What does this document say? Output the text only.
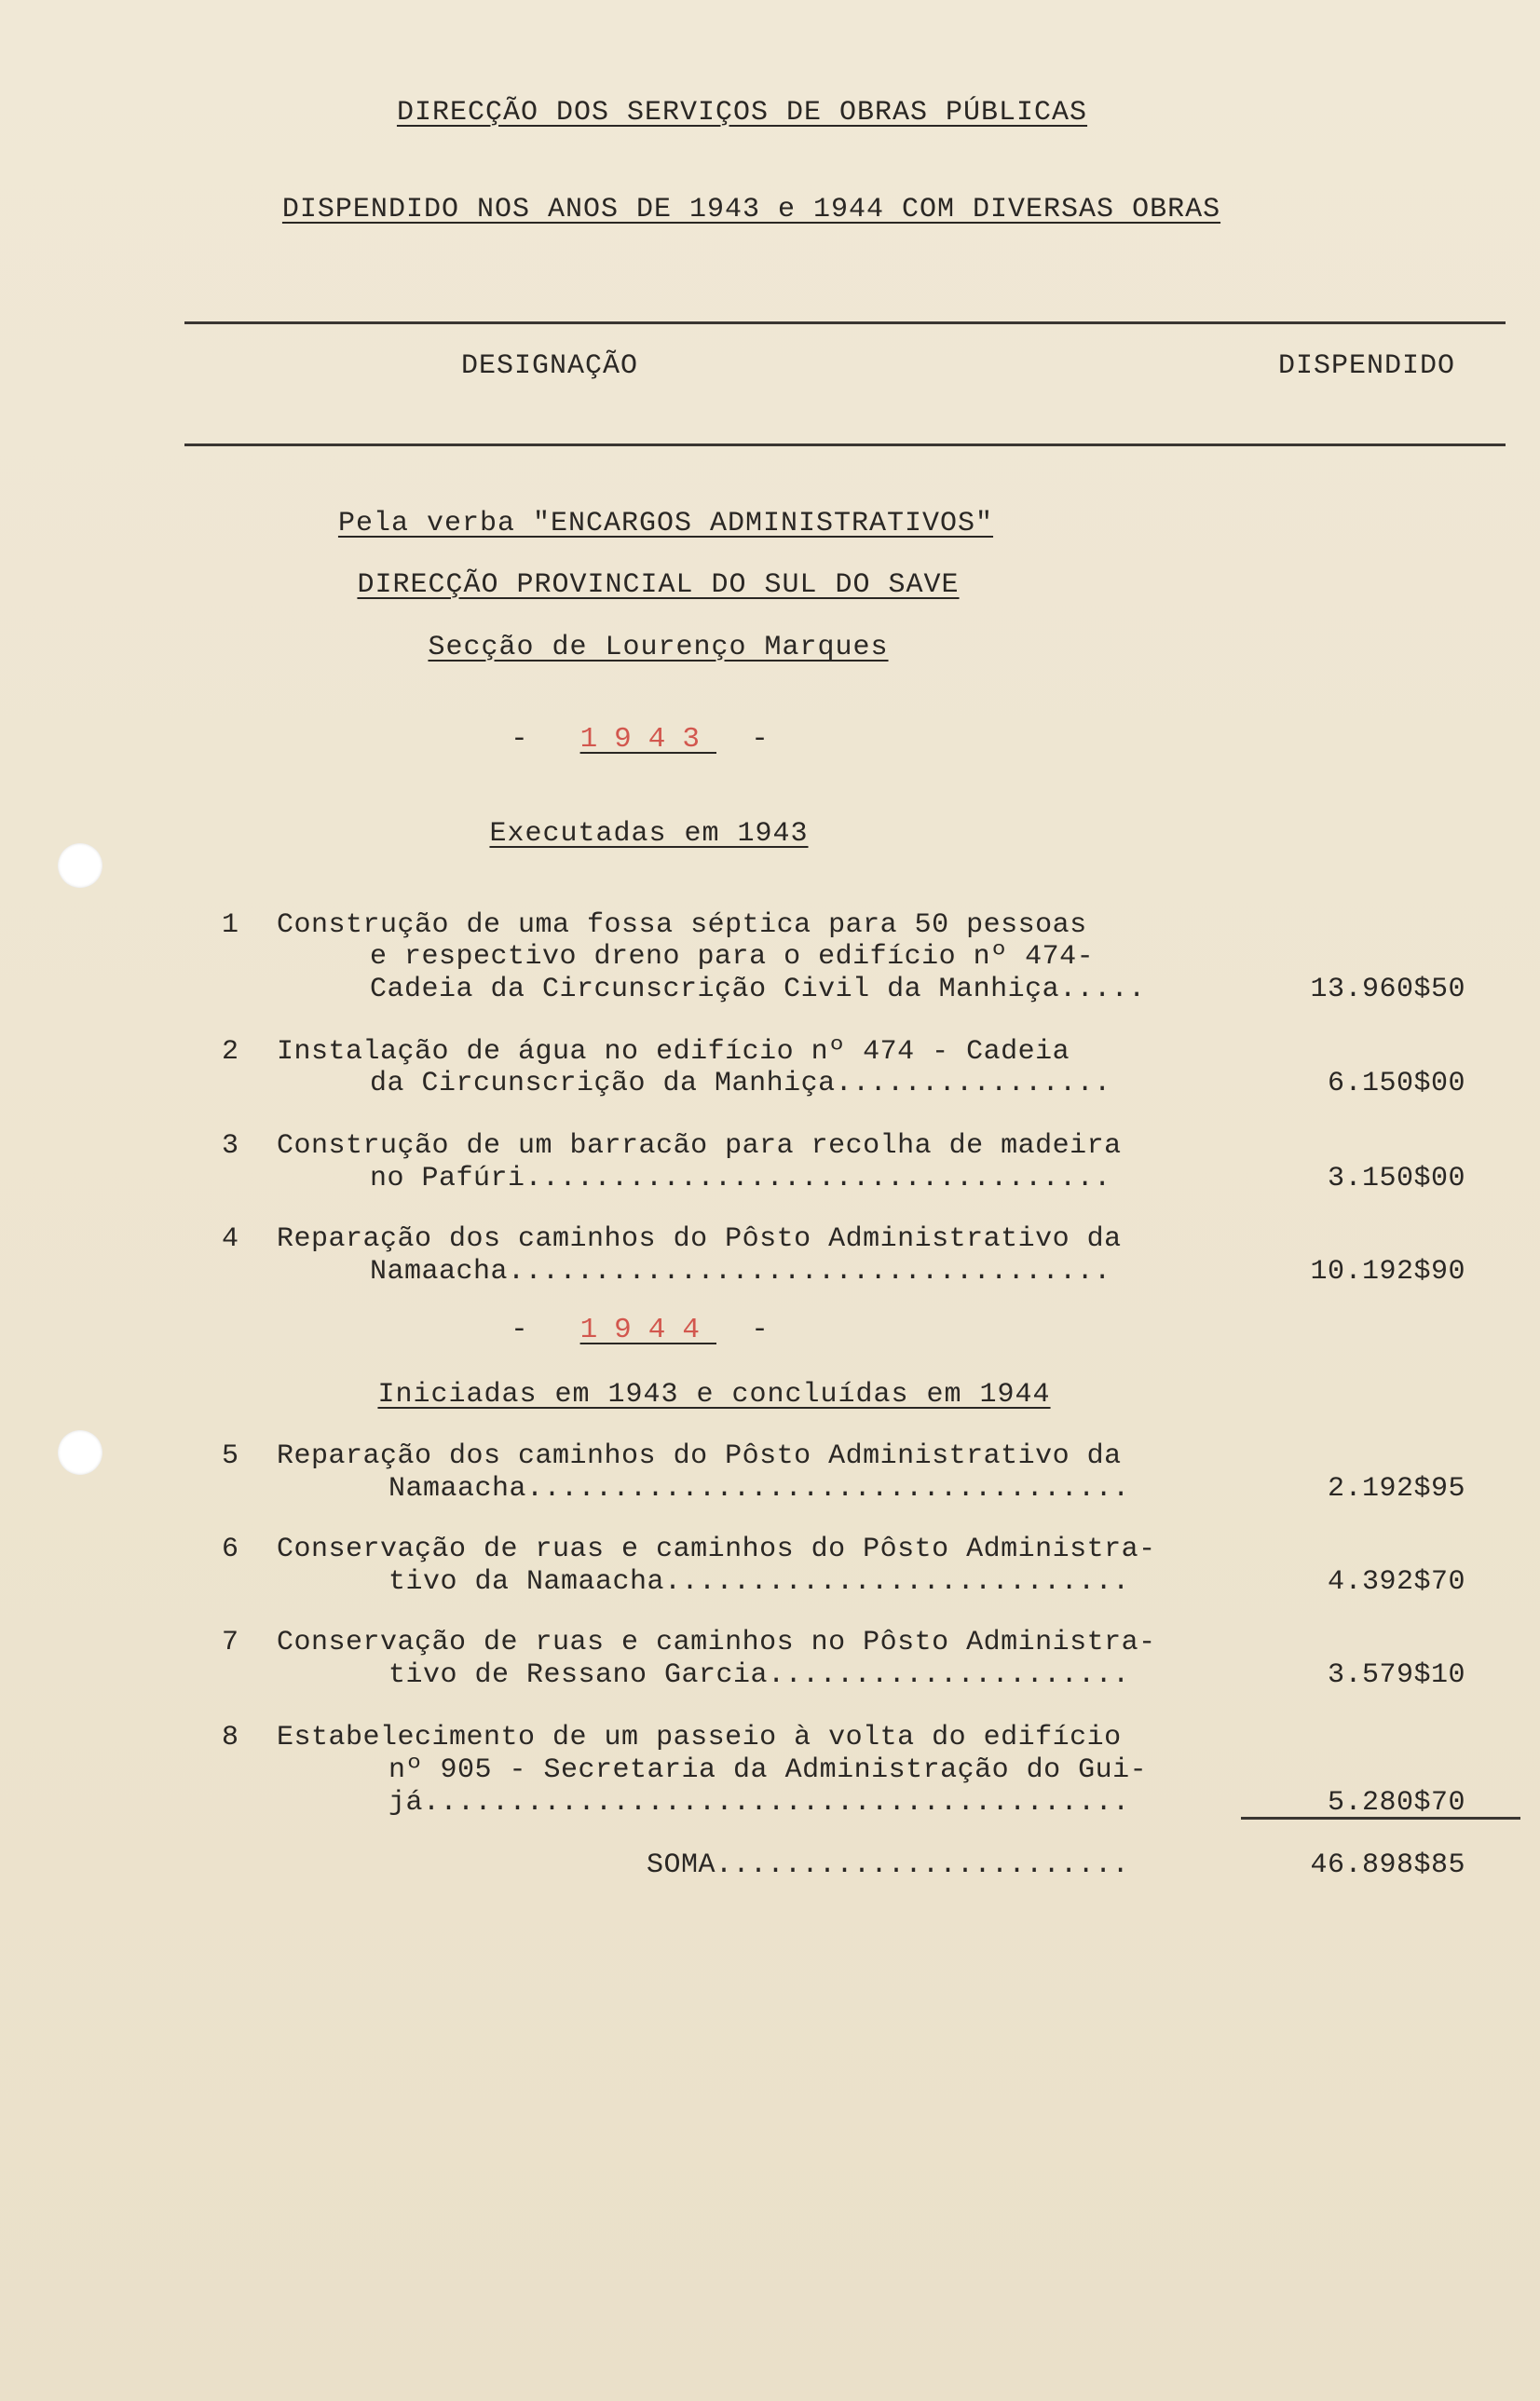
DIRECÇÃO DOS SERVIÇOS DE OBRAS PÚBLICAS
DISPENDIDO NOS ANOS DE 1943 e 1944 COM DIVERSAS OBRAS
DESIGNAÇÃO	DISPENDIDO
Pela verba "ENCARGOS ADMINISTRATIVOS"
DIRECÇÃO PROVINCIAL DO SUL DO SAVE
Secção de Lourenço Marques
- 1943 -
Executadas em 1943
1 Construção de uma fossa séptica para 50 pessoas
e respectivo dreno para o edifício nº 474-
Cadeia da Circunscrição Civil da Manhiça.....	13.960$50
2 Instalação de água no edifício nº 474 - Cadeia
da Circunscrição da Manhiça................	6.150$00
3 Construção de um barracão para recolha de madeira
no Pafúri..................................	3.150$00
4 Reparação dos caminhos do Pôsto Administrativo da
Namaacha...................................	10.192$90
- 1944 -
Iniciadas em 1943 e concluídas em 1944
5 Reparação dos caminhos do Pôsto Administrativo da
Namaacha...................................	2.192$95
6 Conservação de ruas e caminhos do Pôsto Administra-
tivo da Namaacha...........................	4.392$70
7 Conservação de ruas e caminhos no Pôsto Administra-
tivo de Ressano Garcia.....................	3.579$10
8 Estabelecimento de um passeio à volta do edifício
nº 905 - Secretaria da Administração do Gui-
já.........................................	5.280$70
SOMA........................	46.898$85
